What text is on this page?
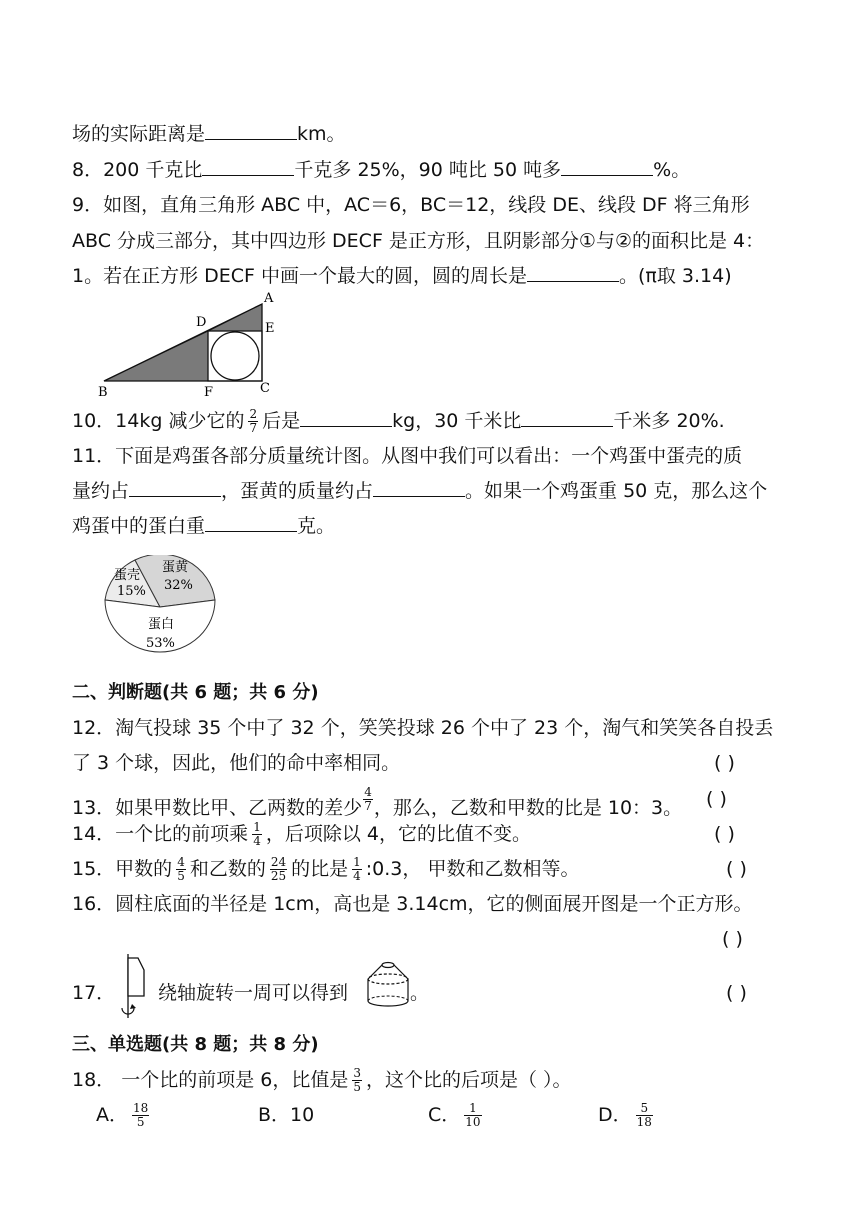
场的实际距离是	km。
8．200 千克比	千克多 25%，90 吨比 50 吨多	%。
9．如图，直角三角形 ABC 中，AC＝6，BC＝12，线段 DE、线段 DF 将三角形
ABC 分成三部分，其中四边形 DECF 是正方形，且阴影部分①与②的面积比是 4：
1。若在正方形 DECF 中画一个最大的圆，圆的周长是	。(π取 3.14)
A
D	E
B	F	C
10．14kg 减少它的 $\frac{2}{7}$ 后是	kg，30 千米比	千米多 20%.
11．下面是鸡蛋各部分质量统计图。从图中我们可以看出：一个鸡蛋中蛋壳的质
量约占	，蛋黄的质量约占	。如果一个鸡蛋重 50 克，那么这个
鸡蛋中的蛋白重	克。
蛋壳
15%
蛋黄
32%
蛋白
53%
二、判断题(共 6 题；共 6 分)
12．淘气投球 35 个中了 32 个，笑笑投球 26 个中了 23 个，淘气和笑笑各自投丢
了 3 个球，因此，他们的命中率相同。	( )
13．如果甲数比甲、乙两数的差少 $\frac{4}{7}$ ，那么，乙数和甲数的比是 10：3。 ( )
14．一个比的前项乘 $\frac{1}{4}$ ，后项除以 4，它的比值不变。	( )
15．甲数的 $\frac{4}{5}$ 和乙数的 $\frac{24}{25}$ 的比是 $\frac{1}{4}$ :0.3， 甲数和乙数相等。	( )
16．圆柱底面的半径是 1cm，高也是 3.14cm，它的侧面展开图是一个正方形。
( )
17． 绕轴旋转一周可以得到	。	( )
三、单选题(共 8 题；共 8 分)
18． 一个比的前项是 6，比值是 $\frac{3}{5}$ ，这个比的后项是（ ）。
A． $\frac{18}{5}$	B．10	C． $\frac{1}{10}$	D． $\frac{5}{18}$
